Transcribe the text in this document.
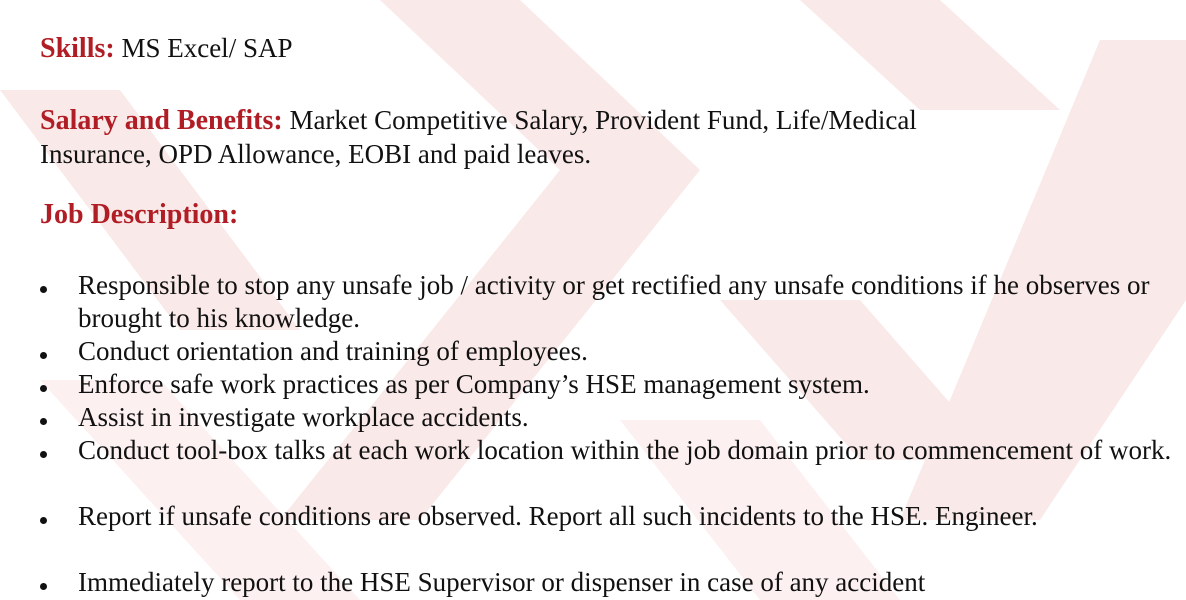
Skills: MS Excel/ SAP
Salary and Benefits: Market Competitive Salary, Provident Fund, Life/Medical
Insurance, OPD Allowance, EOBI and paid leaves.
Job Description:
Responsible to stop any unsafe job / activity or get rectified any unsafe conditions if he observes or brought to his knowledge.
Conduct orientation and training of employees.
Enforce safe work practices as per Company’s HSE management system.
Assist in investigate workplace accidents.
Conduct tool-box talks at each work location within the job domain prior to commencement of work.
Report if unsafe conditions are observed. Report all such incidents to the HSE. Engineer.
Immediately report to the HSE Supervisor or dispenser in case of any accident
